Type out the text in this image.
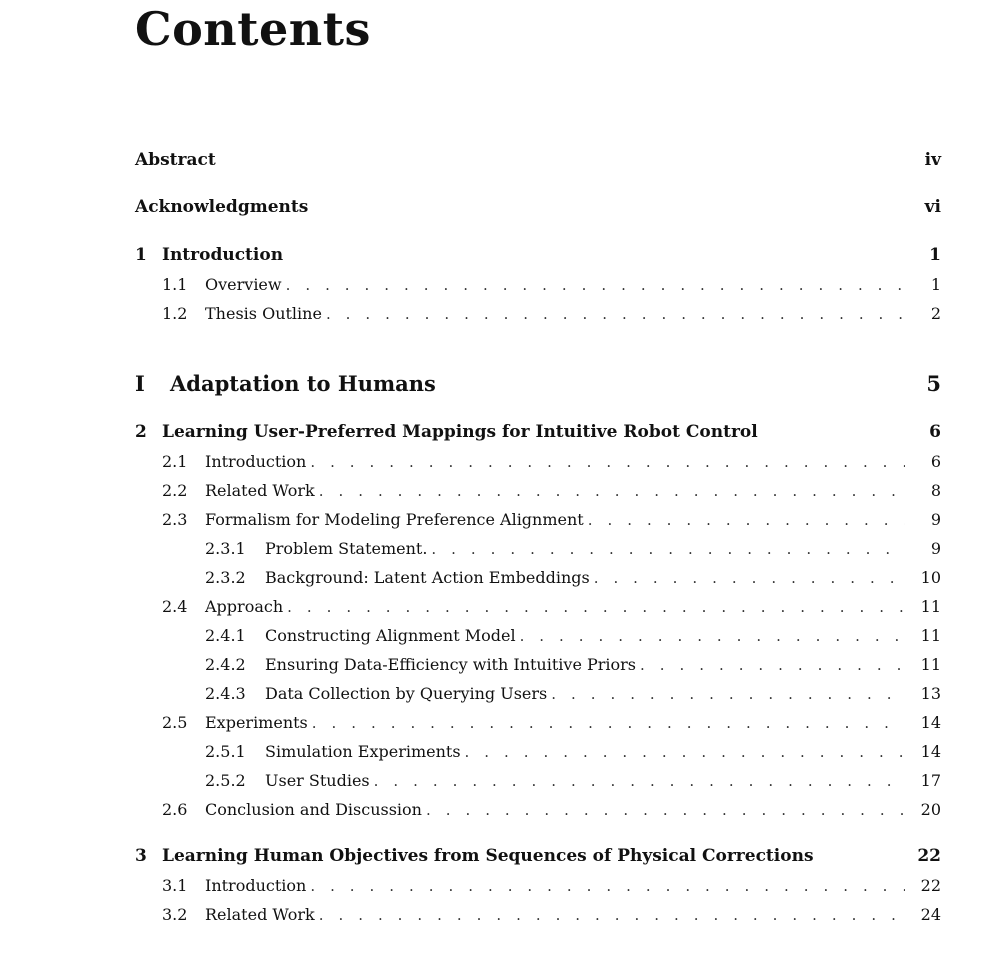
Contents
Abstract	iv
Acknowledgments	vi
1 Introduction	1
1.1	Overview . . .	1
1.2	Thesis Outline . . .	2
I	Adaptation to Humans	5
2 Learning User-Preferred Mappings for Intuitive Robot Control	6
2.1	Introduction . . .	6
2.2	Related Work . . .	8
2.3	Formalism for Modeling Preference Alignment . . .	9
2.3.1	Problem Statement. . . .	9
2.3.2	Background: Latent Action Embeddings . . .	10
2.4	Approach . . .	11
2.4.1	Constructing Alignment Model . . .	11
2.4.2	Ensuring Data-Efficiency with Intuitive Priors . . .	11
2.4.3	Data Collection by Querying Users . . .	13
2.5	Experiments . . .	14
2.5.1	Simulation Experiments . . .	14
2.5.2	User Studies . . .	17
2.6	Conclusion and Discussion . . .	20
3 Learning Human Objectives from Sequences of Physical Corrections	22
3.1	Introduction . . .	22
3.2	Related Work . . .	24
